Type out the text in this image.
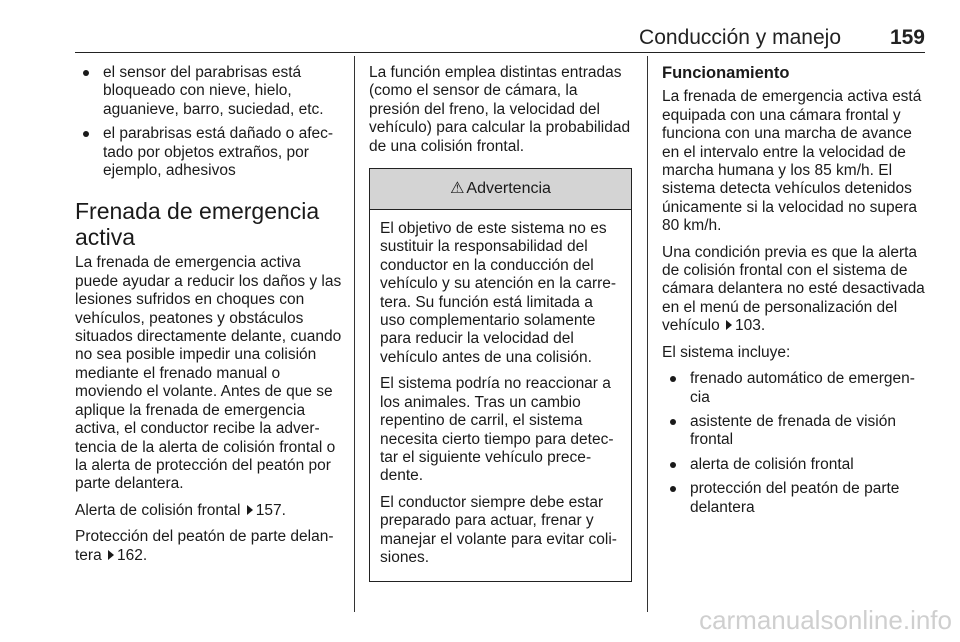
Conducción y manejo 159
el sensor del parabrisas está bloqueado con nieve, hielo, aguanieve, barro, suciedad, etc.
el parabrisas está dañado o afectado por objetos extraños, por ejemplo, adhesivos
Frenada de emergencia activa

La frenada de emergencia activa puede ayudar a reducir los daños y las lesiones sufridos en choques con vehículos, peatones y obstáculos situados directamente delante, cuando no sea posible impedir una colisión mediante el frenado manual o moviendo el volante. Antes de que se aplique la frenada de emergencia activa, el conductor recibe la advertencia de la alerta de colisión frontal o la alerta de protección del peatón por parte delantera.

Alerta de colisión frontal 157.

Protección del peatón de parte delantera 162.

La función emplea distintas entradas (como el sensor de cámara, la presión del freno, la velocidad del vehículo) para calcular la probabilidad de una colisión frontal.

⚠ Advertencia

El objetivo de este sistema no es sustituir la responsabilidad del conductor en la conducción del vehículo y su atención en la carretera. Su función está limitada a uso complementario solamente para reducir la velocidad del vehículo antes de una colisión.

El sistema podría no reaccionar a los animales. Tras un cambio repentino de carril, el sistema necesita cierto tiempo para detectar el siguiente vehículo precedente.

El conductor siempre debe estar preparado para actuar, frenar y manejar el volante para evitar colisiones.

Funcionamiento

La frenada de emergencia activa está equipada con una cámara frontal y funciona con una marcha de avance en el intervalo entre la velocidad de marcha humana y los 85 km/h. El sistema detecta vehículos detenidos únicamente si la velocidad no supera 80 km/h.

Una condición previa es que la alerta de colisión frontal con el sistema de cámara delantera no esté desactivada en el menú de personalización del vehículo 103.

El sistema incluye:

frenado automático de emergencia
asistente de frenada de visión frontal
alerta de colisión frontal
protección del peatón de parte delantera
carmanualsonline.info
